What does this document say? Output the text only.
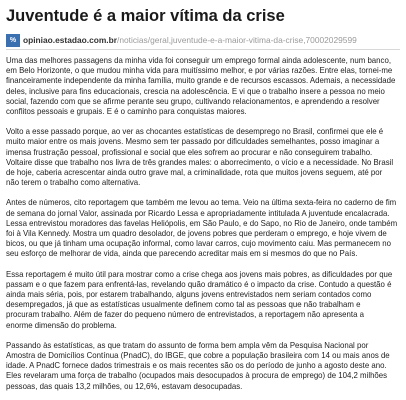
Juventude é a maior vítima da crise
% opiniao.estadao.com.br /noticias/geral,juventude-e-a-maior-vitima-da-crise,70002029599

Uma das melhores passagens da minha vida foi conseguir um emprego formal ainda adolescente, num banco,
em Belo Horizonte, o que mudou minha vida para muitíssimo melhor, e por várias razões. Entre elas, tornei-me
financeiramente independente da minha família, muito grande e de recursos escassos. Ademais, a necessidade
deles, inclusive para fins educacionais, crescia na adolescência. E vi que o trabalho insere a pessoa no meio
social, fazendo com que se afirme perante seu grupo, cultivando relacionamentos, e aprendendo a resolver
conflitos pessoais e grupais. E é o caminho para conquistas maiores.

Volto a esse passado porque, ao ver as chocantes estatísticas de desemprego no Brasil, confirmei que ele é
muito maior entre os mais jovens. Mesmo sem ter passado por dificuldades semelhantes, posso imaginar a
imensa frustração pessoal, profissional e social que eles sofrem ao procurar e não conseguirem trabalho.
Voltaire disse que trabalho nos livra de três grandes males: o aborrecimento, o vício e a necessidade. No Brasil
de hoje, caberia acrescentar ainda outro grave mal, a criminalidade, rota que muitos jovens seguem, até por
não terem o trabalho como alternativa.

Antes de números, cito reportagem que também me levou ao tema. Veio na última sexta-feira no caderno de fim
de semana do jornal Valor, assinada por Ricardo Lessa e apropriadamente intitulada A juventude encalacrada.
Lessa entrevistou moradores das favelas Heliópolis, em São Paulo, e do Sapo, no Rio de Janeiro, onde também
foi à Vila Kennedy. Mostra um quadro desolador, de jovens pobres que perderam o emprego, e hoje vivem de
bicos, ou que já tinham uma ocupação informal, como lavar carros, cujo movimento caiu. Mas permanecem no
seu esforço de melhorar de vida, ainda que parecendo acreditar mais em si mesmos do que no País.

Essa reportagem é muito útil para mostrar como a crise chega aos jovens mais pobres, as dificuldades por que
passam e o que fazem para enfrentá-las, revelando quão dramático é o impacto da crise. Contudo a questão é
ainda mais séria, pois, por estarem trabalhando, alguns jovens entrevistados nem seriam contados como
desempregados, já que as estatísticas usualmente definem como tal as pessoas que não trabalham e
procuram trabalho. Além de fazer do pequeno número de entrevistados, a reportagem não apresenta a
enorme dimensão do problema.

Passando às estatísticas, as que tratam do assunto de forma bem ampla vêm da Pesquisa Nacional por
Amostra de Domicílios Contínua (PnadC), do IBGE, que cobre a população brasileira com 14 ou mais anos de
idade. A PnadC fornece dados trimestrais e os mais recentes são os do período de junho a agosto deste ano.
Eles revelaram uma força de trabalho (ocupados mais desocupados à procura de emprego) de 104,2 milhões
pessoas, das quais 13,2 milhões, ou 12,6%, estavam desocupadas.
